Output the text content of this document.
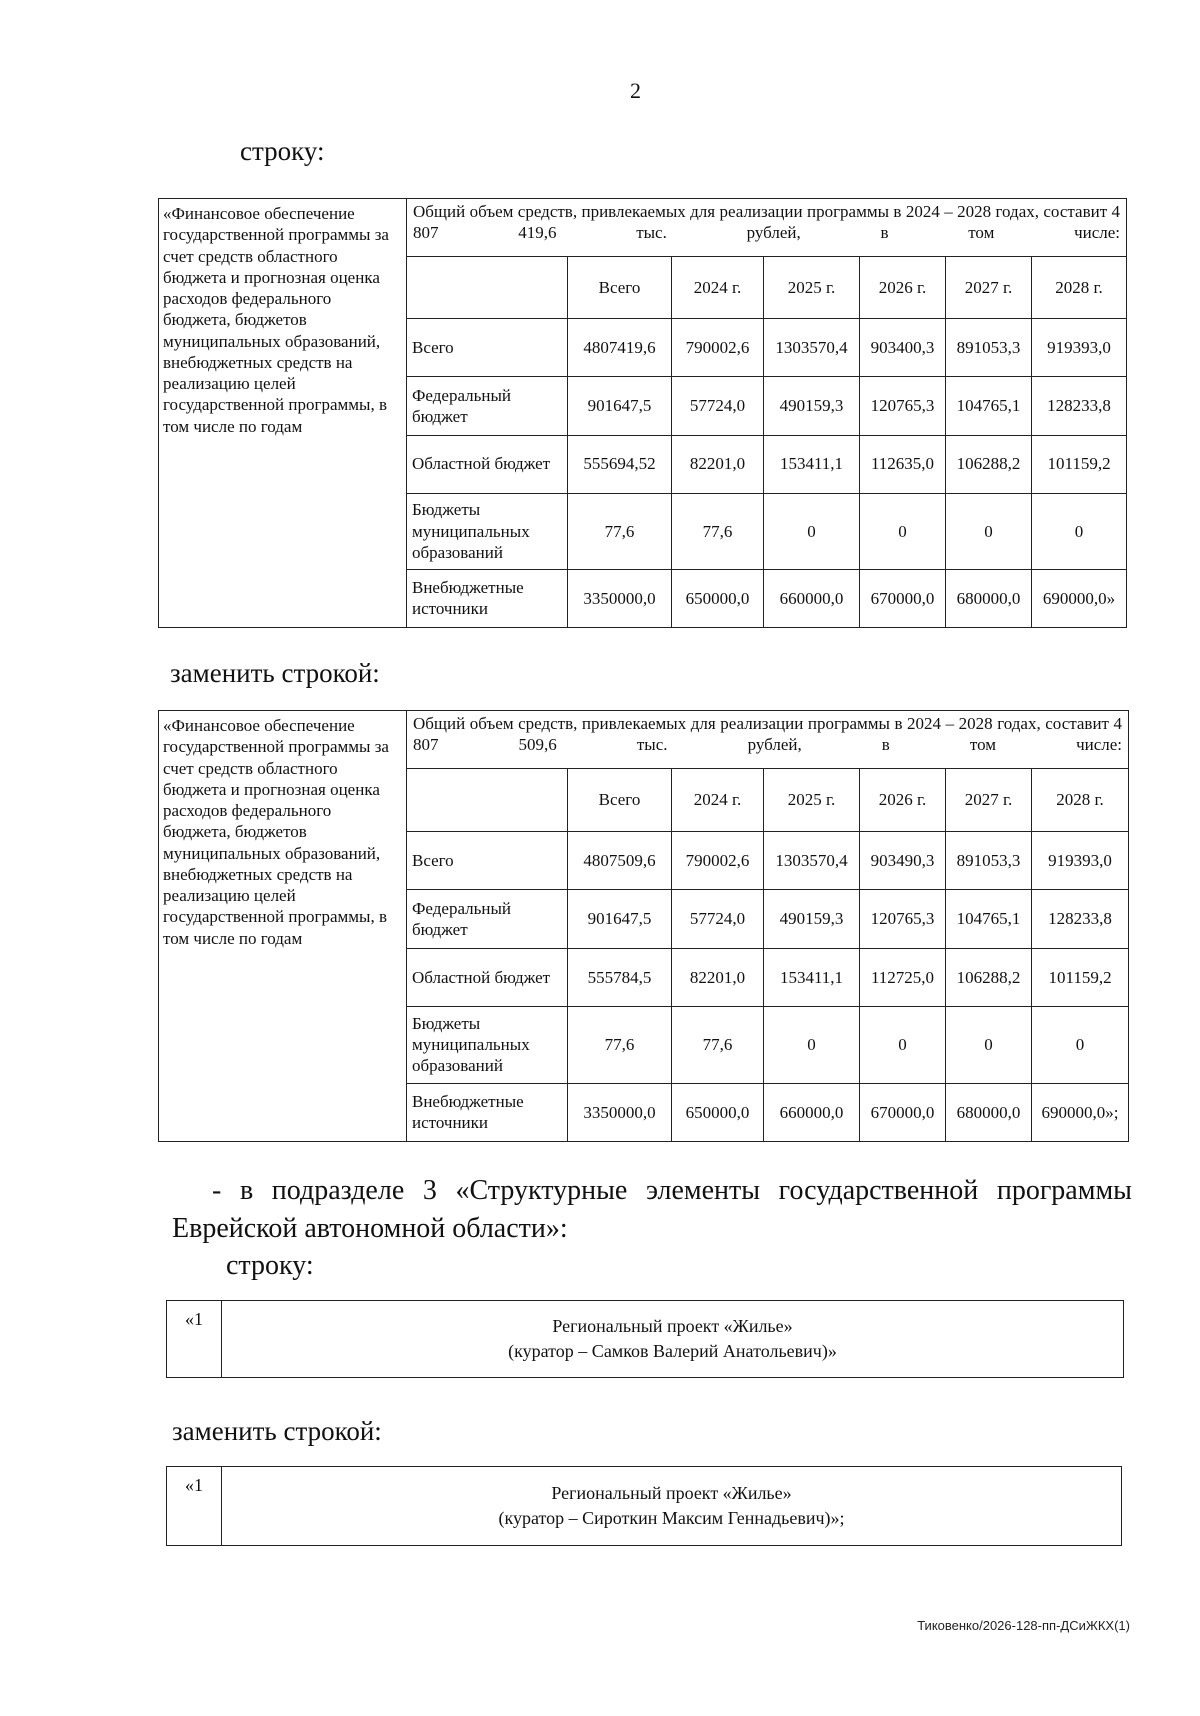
2
строку:
«Финансовое обеспечение государственной программы за счет средств областного бюджета и прогнозная оценка расходов федерального бюджета, бюджетов муниципальных образований, внебюджетных средств на реализацию целей государственной программы, в том числе по годам	Общий объем средств, привлекаемых для реализации программы в 2024 – 2028 годах, составит 4 807 419,6 тыс. рублей, в том числе:						
		Всего	2024 г.	2025 г.	2026 г.	2027 г.	2028 г.
	Всего	4807419,6	790002,6	1303570,4	903400,3	891053,3	919393,0
	Федеральный бюджет	901647,5	57724,0	490159,3	120765,3	104765,1	128233,8
	Областной бюджет	555694,52	82201,0	153411,1	112635,0	106288,2	101159,2
	Бюджеты муниципальных образований	77,6	77,6	0	0	0	0
	Внебюджетные источники	3350000,0	650000,0	660000,0	670000,0	680000,0	690000,0»
заменить строкой:
«Финансовое обеспечение государственной программы за счет средств областного бюджета и прогнозная оценка расходов федерального бюджета, бюджетов муниципальных образований, внебюджетных средств на реализацию целей государственной программы, в том числе по годам	Общий объем средств, привлекаемых для реализации программы в 2024 – 2028 годах, составит 4 807 509,6 тыс. рублей, в том числе:						
		Всего	2024 г.	2025 г.	2026 г.	2027 г.	2028 г.
	Всего	4807509,6	790002,6	1303570,4	903490,3	891053,3	919393,0
	Федеральный бюджет	901647,5	57724,0	490159,3	120765,3	104765,1	128233,8
	Областной бюджет	555784,5	82201,0	153411,1	112725,0	106288,2	101159,2
	Бюджеты муниципальных образований	77,6	77,6	0	0	0	0
	Внебюджетные источники	3350000,0	650000,0	660000,0	670000,0	680000,0	690000,0»;
- в подразделе 3 «Структурные элементы государственной программы Еврейской автономной области»:
строку:
«1	Региональный проект «Жилье»
(куратор – Самков Валерий Анатольевич)»
заменить строкой:
«1	Региональный проект «Жилье»
(куратор – Сироткин Максим Геннадьевич)»;
Тиковенко/2026-128-пп-ДСиЖКХ(1)
